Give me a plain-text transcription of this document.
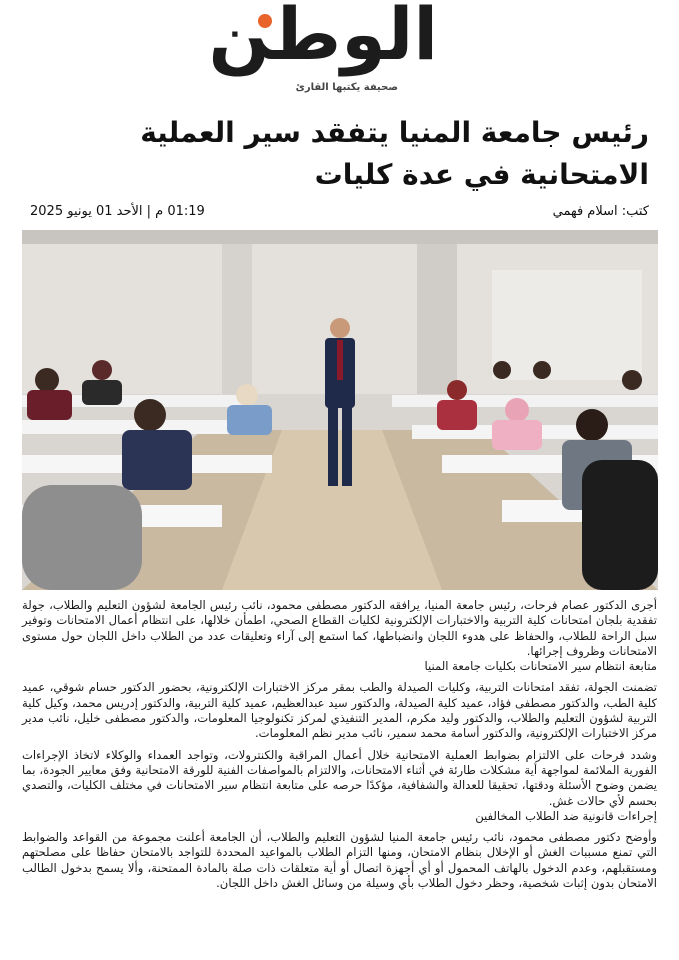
الوطن
صحيفة يكتبها القارئ
رئيس جامعة المنيا يتفقد سير العملية
الامتحانية في عدة كليات
كتب: اسلام فهمي
01:19 م | الأحد 01 يونيو 2025

أجرى الدكتور عصام فرحات، رئيس جامعة المنيا، يرافقه الدكتور مصطفى محمود، نائب رئيس الجامعة لشؤون التعليم والطلاب، جولة تفقدية بلجان امتحانات كلية التربية والاختبارات الإلكترونية لكليات القطاع الصحي، اطمأن خلالها، على انتظام أعمال الامتحانات وتوفير سبل الراحة للطلاب، والحفاظ على هدوء اللجان وانضباطها، كما استمع إلى آراء وتعليقات عدد من الطلاب داخل اللجان حول مستوى الامتحانات وظروف إجرائها.

متابعة انتظام سير الامتحانات بكليات جامعة المنيا

تضمنت الجولة، تفقد امتحانات التربية، وكليات الصيدلة والطب بمقر مركز الاختبارات الإلكترونية، بحضور الدكتور حسام شوقي، عميد كلية الطب، والدكتور مصطفى فؤاد، عميد كلية الصيدلة، والدكتور سيد عبدالعظيم، عميد كلية التربية، والدكتور إدريس محمد، وكيل كلية التربية لشؤون التعليم والطلاب، والدكتور وليد مكرم، المدير التنفيذي لمركز تكنولوجيا المعلومات، والدكتور مصطفى خليل، نائب مدير مركز الاختبارات الإلكترونية، والدكتور أسامة محمد سمير، نائب مدير نظم المعلومات.

وشدد فرحات على الالتزام بضوابط العملية الامتحانية خلال أعمال المراقبة والكنترولات، وتواجد العمداء والوكلاء لاتخاذ الإجراءات الفورية الملائمة لمواجهة أية مشكلات طارئة في أثناء الامتحانات، والالتزام بالمواصفات الفنية للورقة الامتحانية وفق معايير الجودة، بما يضمن وضوح الأسئلة ودقتها، تحقيقا للعدالة والشفافية، مؤكدًا حرصه على متابعة انتظام سير الامتحانات في مختلف الكليات، والتصدي بحسم لأي حالات غش.

إجراءات قانونية ضد الطلاب المخالفين

وأوضح دكتور مصطفى محمود، نائب رئيس جامعة المنيا لشؤون التعليم والطلاب، أن الجامعة أعلنت مجموعة من القواعد والضوابط التي تمنع مسببات الغش أو الإخلال بنظام الامتحان، ومنها التزام الطلاب بالمواعيد المحددة للتواجد بالامتحان حفاظا على مصلحتهم ومستقبلهم، وعدم الدخول بالهاتف المحمول أو أي أجهزة اتصال أو أية متعلقات ذات صلة بالمادة الممتحنة، وألا يسمح بدخول الطالب الامتحان بدون إثبات شخصية، وحظر دخول الطلاب بأي وسيلة من وسائل الغش داخل اللجان.
